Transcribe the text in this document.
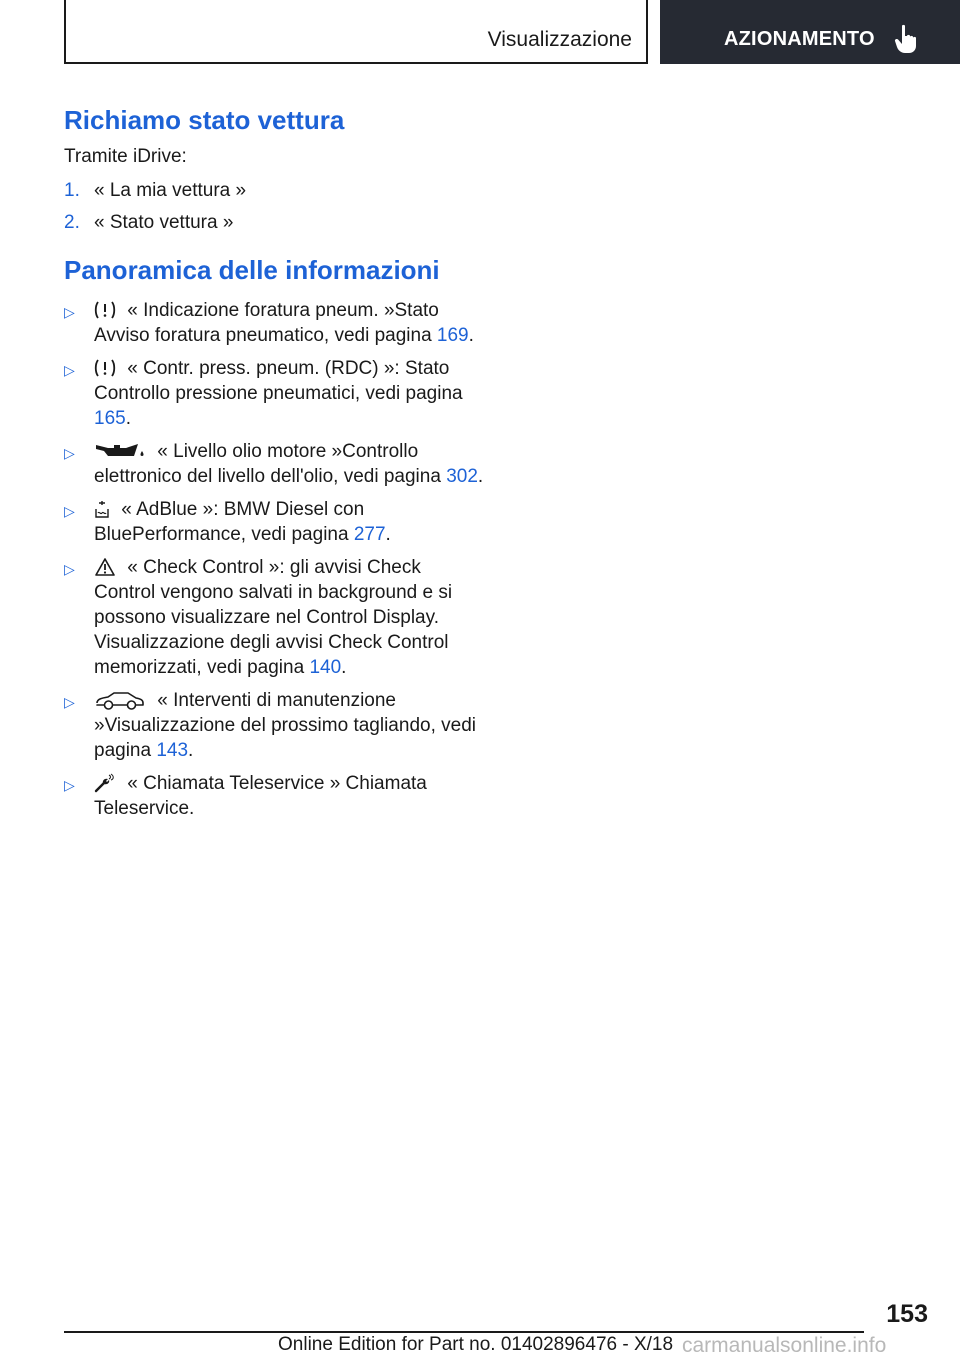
Visualizzazione	AZIONAMENTO
Richiamo stato vettura
Tramite iDrive:
1. « La mia vettura »
2. « Stato vettura »
Panoramica delle informazioni
▷	« Indicazione foratura pneum. »Stato Avviso foratura pneumatico, vedi pagina 169.
▷	« Contr. press. pneum. (RDC) »: Stato Controllo pressione pneumatici, vedi pagina 165.
▷	« Livello olio motore »Controllo elettronico del livello dell'olio, vedi pagina 302.
▷ « AdBlue »: BMW Diesel con BluePerformance, vedi pagina 277.
▷	« Check Control »: gli avvisi Check Control vengono salvati in background e si possono visualizzare nel Control Display. Visualizzazione degli avvisi Check Control memorizzati, vedi pagina 140.
▷	« Interventi di manutenzione »Visualizzazione del prossimo tagliando, vedi pagina 143.
▷	« Chiamata Teleservice » Chiamata Teleservice.
153
Online Edition for Part no. 01402896476 - X/18 carmanualsonline.info
